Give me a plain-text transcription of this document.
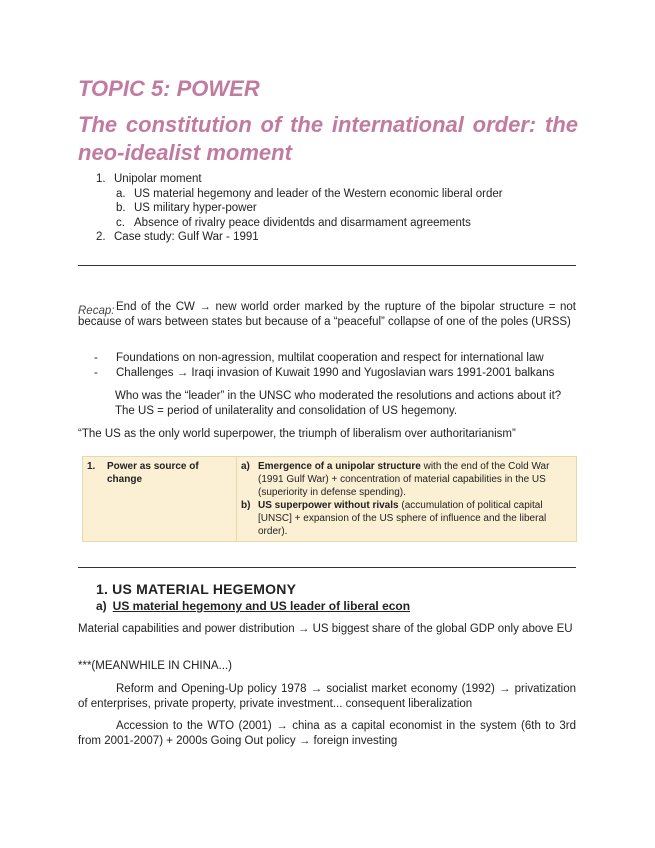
TOPIC 5: POWER
The constitution of the international order: the neo-idealist moment
1. Unipolar moment
a. US material hegemony and leader of the Western economic liberal order
b. US military hyper-power
c. Absence of rivalry peace dividentds and disarmament agreements
2. Case study: Gulf War - 1991
Recap: End of the CW → new world order marked by the rupture of the bipolar structure = not because of wars between states but because of a “peaceful” collapse of one of the poles (URSS)

- Foundations on non-agression, multilat cooperation and respect for international law
- Challenges → Iraqi invasion of Kuwait 1990 and Yugoslavian wars 1991-2001 balkans
Who was the “leader” in the UNSC who moderated the resolutions and actions about it?
The US = period of unilaterality and consolidation of US hegemony.
“The US as the only world superpower, the triumph of liberalism over authoritarianism”
1. Power as source of change	
a) Emergence of a unipolar structure with the end of the Cold War (1991 Gulf War) + concentration of material capabilities in the US (superiority in defense spending).
b) US superpower without rivals (accumulation of political capital [UNSC] + expansion of the US sphere of influence and the liberal order).
1. US MATERIAL HEGEMONY
a) US material hegemony and US leader of liberal econ

Material capabilities and power distribution → US biggest share of the global GDP only above EU

***(MEANWHILE IN CHINA...)

Reform and Opening-Up policy 1978 → socialist market economy (1992) → privatization of enterprises, private property, private investment... consequent liberalization

Accession to the WTO (2001) → china as a capital economist in the system (6th to 3rd from 2001-2007) + 2000s Going Out policy → foreign investing
